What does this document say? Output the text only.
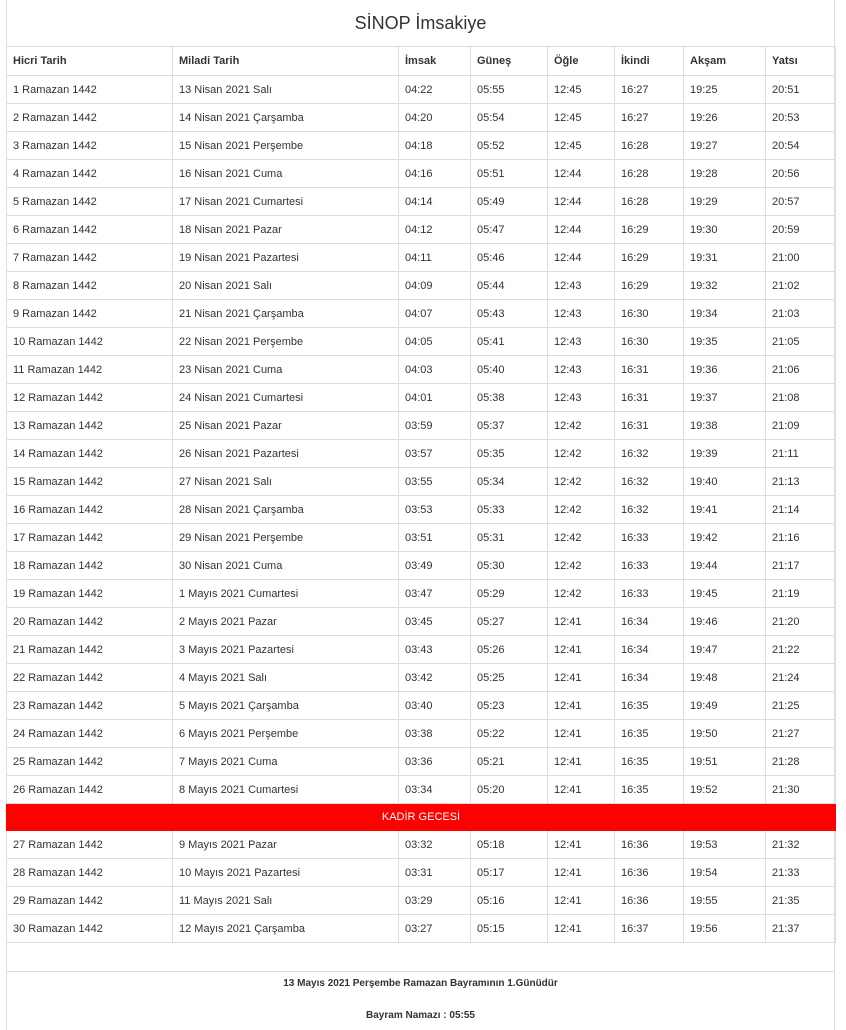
SİNOP İmsakiye
Hicri Tarih	Miladi Tarih	İmsak	Güneş	Öğle	İkindi	Akşam	Yatsı
1 Ramazan 1442	13 Nisan 2021 Salı	04:22	05:55	12:45	16:27	19:25	20:51
2 Ramazan 1442	14 Nisan 2021 Çarşamba	04:20	05:54	12:45	16:27	19:26	20:53
3 Ramazan 1442	15 Nisan 2021 Perşembe	04:18	05:52	12:45	16:28	19:27	20:54
4 Ramazan 1442	16 Nisan 2021 Cuma	04:16	05:51	12:44	16:28	19:28	20:56
5 Ramazan 1442	17 Nisan 2021 Cumartesi	04:14	05:49	12:44	16:28	19:29	20:57
6 Ramazan 1442	18 Nisan 2021 Pazar	04:12	05:47	12:44	16:29	19:30	20:59
7 Ramazan 1442	19 Nisan 2021 Pazartesi	04:11	05:46	12:44	16:29	19:31	21:00
8 Ramazan 1442	20 Nisan 2021 Salı	04:09	05:44	12:43	16:29	19:32	21:02
9 Ramazan 1442	21 Nisan 2021 Çarşamba	04:07	05:43	12:43	16:30	19:34	21:03
10 Ramazan 1442	22 Nisan 2021 Perşembe	04:05	05:41	12:43	16:30	19:35	21:05
11 Ramazan 1442	23 Nisan 2021 Cuma	04:03	05:40	12:43	16:31	19:36	21:06
12 Ramazan 1442	24 Nisan 2021 Cumartesi	04:01	05:38	12:43	16:31	19:37	21:08
13 Ramazan 1442	25 Nisan 2021 Pazar	03:59	05:37	12:42	16:31	19:38	21:09
14 Ramazan 1442	26 Nisan 2021 Pazartesi	03:57	05:35	12:42	16:32	19:39	21:11
15 Ramazan 1442	27 Nisan 2021 Salı	03:55	05:34	12:42	16:32	19:40	21:13
16 Ramazan 1442	28 Nisan 2021 Çarşamba	03:53	05:33	12:42	16:32	19:41	21:14
17 Ramazan 1442	29 Nisan 2021 Perşembe	03:51	05:31	12:42	16:33	19:42	21:16
18 Ramazan 1442	30 Nisan 2021 Cuma	03:49	05:30	12:42	16:33	19:44	21:17
19 Ramazan 1442	1 Mayıs 2021 Cumartesi	03:47	05:29	12:42	16:33	19:45	21:19
20 Ramazan 1442	2 Mayıs 2021 Pazar	03:45	05:27	12:41	16:34	19:46	21:20
21 Ramazan 1442	3 Mayıs 2021 Pazartesi	03:43	05:26	12:41	16:34	19:47	21:22
22 Ramazan 1442	4 Mayıs 2021 Salı	03:42	05:25	12:41	16:34	19:48	21:24
23 Ramazan 1442	5 Mayıs 2021 Çarşamba	03:40	05:23	12:41	16:35	19:49	21:25
24 Ramazan 1442	6 Mayıs 2021 Perşembe	03:38	05:22	12:41	16:35	19:50	21:27
25 Ramazan 1442	7 Mayıs 2021 Cuma	03:36	05:21	12:41	16:35	19:51	21:28
26 Ramazan 1442	8 Mayıs 2021 Cumartesi	03:34	05:20	12:41	16:35	19:52	21:30
KADİR GECESİ							
27 Ramazan 1442	9 Mayıs 2021 Pazar	03:32	05:18	12:41	16:36	19:53	21:32
28 Ramazan 1442	10 Mayıs 2021 Pazartesi	03:31	05:17	12:41	16:36	19:54	21:33
29 Ramazan 1442	11 Mayıs 2021 Salı	03:29	05:16	12:41	16:36	19:55	21:35
30 Ramazan 1442	12 Mayıs 2021 Çarşamba	03:27	05:15	12:41	16:37	19:56	21:37
13 Mayıs 2021 Perşembe Ramazan Bayramının 1.Günüdür
Bayram Namazı : 05:55
